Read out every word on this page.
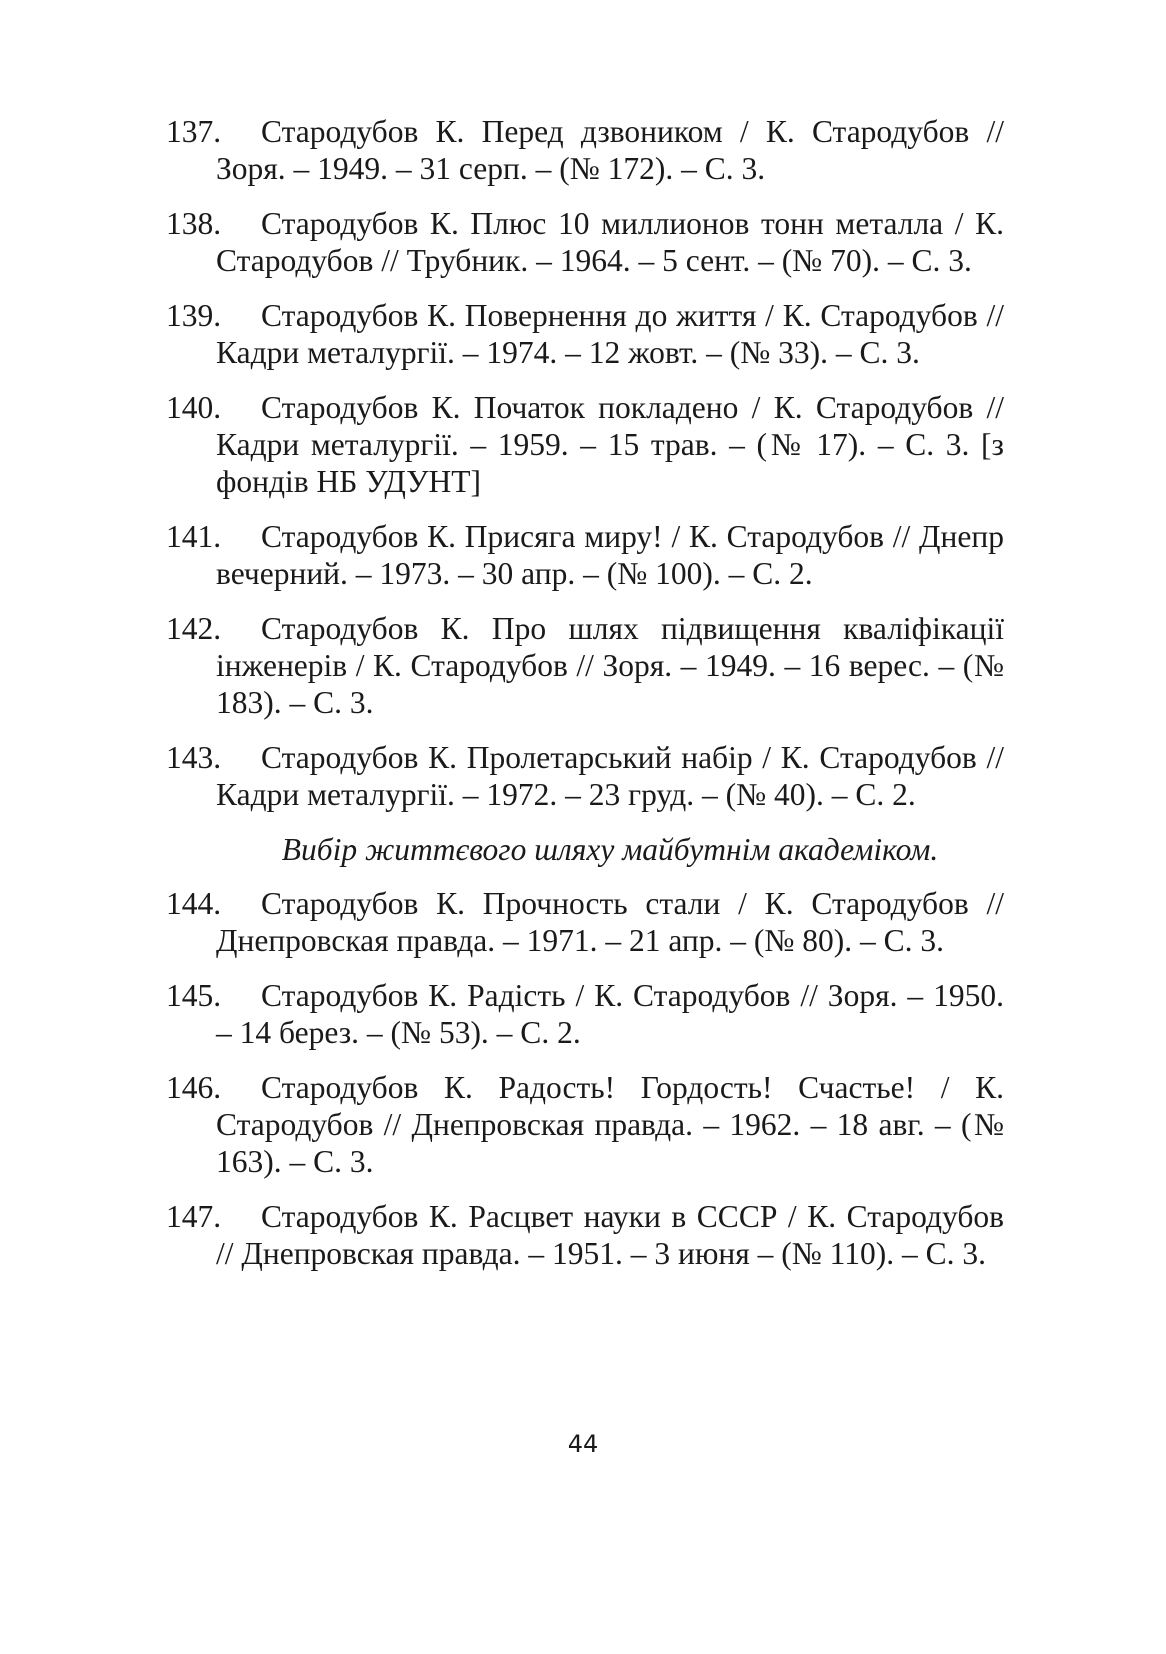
137. Стародубов К. Перед дзвоником / К. Стародубов // Зоря. – 1949. – 31 серп. – (№ 172). – С. 3.

138. Стародубов К. Плюс 10 миллионов тонн металла / К. Стародубов // Трубник. – 1964. – 5 сент. – (№ 70). – С. 3.

139. Стародубов К. Повернення до життя / К. Стародубов // Кадри металургії. – 1974. – 12 жовт. – (№ 33). – С. 3.

140. Стародубов К. Початок покладено / К. Стародубов // Кадри металургії. – 1959. – 15 трав. – (№ 17). – С. 3. [з фондів НБ УДУНТ]

141. Стародубов К. Присяга миру! / К. Стародубов // Днепр вечерний. – 1973. – 30 апр. – (№ 100). – С. 2.

142. Стародубов К. Про шлях підвищення кваліфікації інженерів / К. Стародубов // Зоря. – 1949. – 16 верес. – (№ 183). – С. 3.

143. Стародубов К. Пролетарський набір / К. Стародубов // Кадри металургії. – 1972. – 23 груд. – (№ 40). – С. 2.

Вибір життєвого шляху майбутнім академіком.

144. Стародубов К. Прочность стали / К. Стародубов // Днепровская правда. – 1971. – 21 апр. – (№ 80). – С. 3.

145. Стародубов К. Радість / К. Стародубов // Зоря. – 1950. – 14 берез. – (№ 53). – С. 2.

146. Стародубов К. Радость! Гордость! Счастье! / К. Стародубов // Днепровская правда. – 1962. – 18 авг. – (№ 163). – С. 3.

147. Стародубов К. Расцвет науки в СССР / К. Стародубов // Днепровская правда. – 1951. – 3 июня – (№ 110). – С. 3.

44
